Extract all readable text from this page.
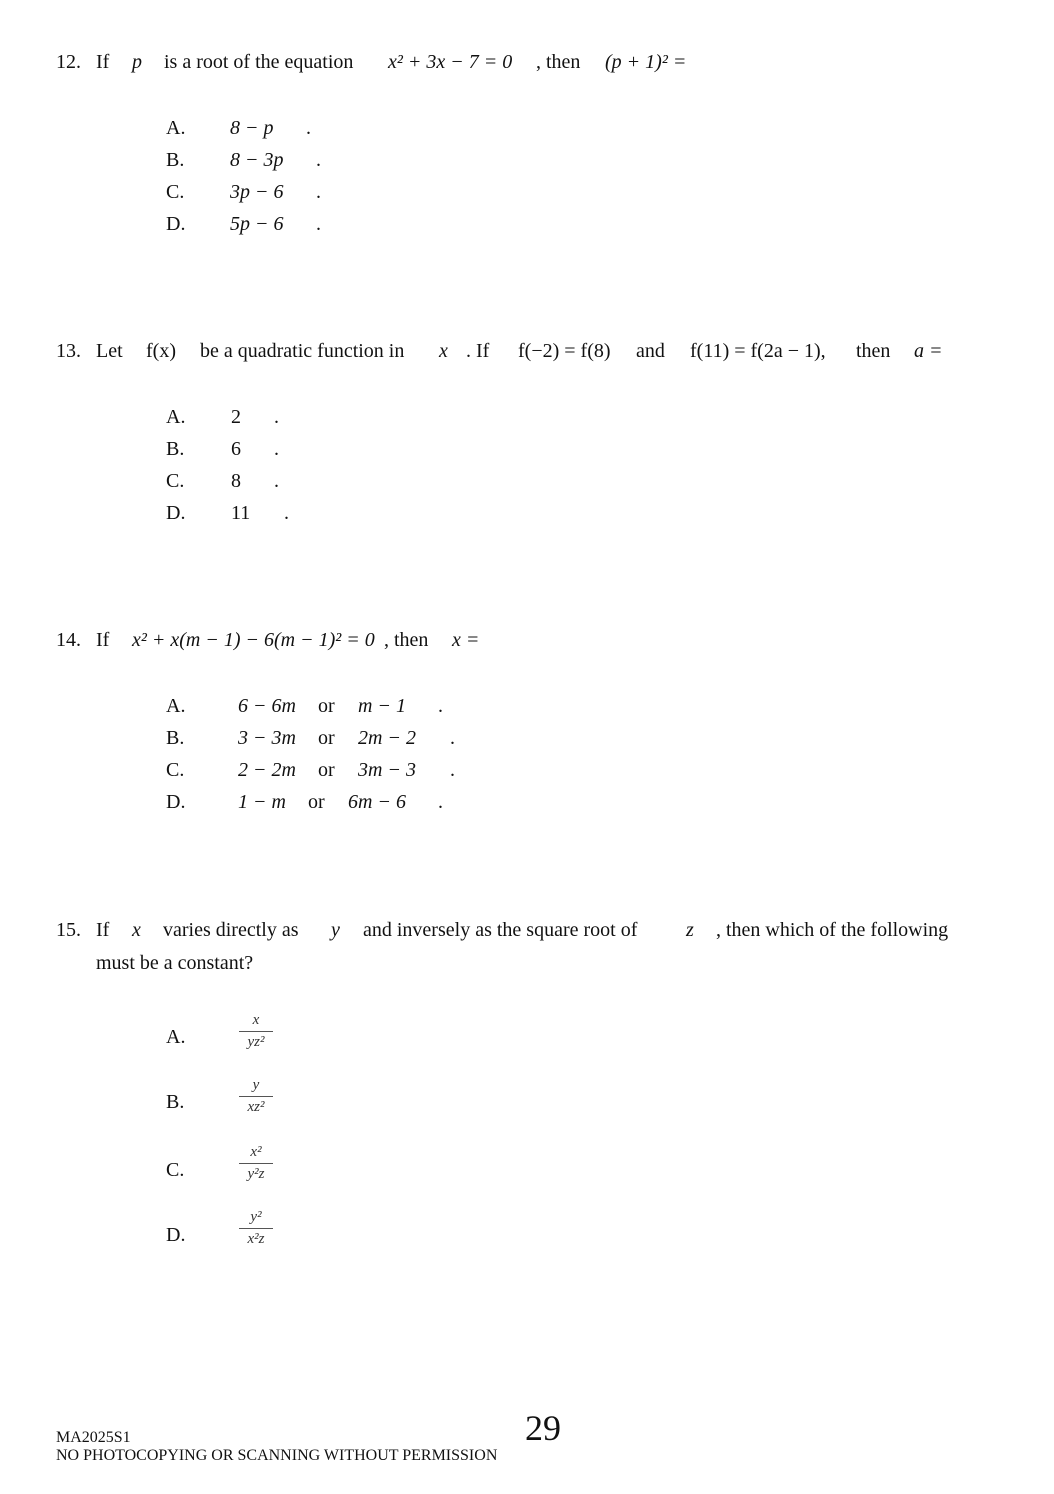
12. If p is a root of the equation x² + 3x − 7 = 0 , then (p + 1)² =
A. 8 − p .
B. 8 − 3p .
C. 3p − 6 .
D. 5p − 6 .
13. Let f(x) be a quadratic function in x . If f(−2) = f(8) and f(11) = f(2a − 1), then a =
A. 2 .
B. 6 .
C. 8 .
D. 11 .
14. If x² + x(m − 1) − 6(m − 1)² = 0 , then x =
A.	6 − 6m or m − 1 .
B.	3 − 3m or 2m − 2 .
C.	2 − 2m or 3m − 3 .
D.	1 − m or 6m − 6 .
15. If x varies directly as y and inversely as the square root of z , then which of the following
must be a constant?
A.
x
yz²
B.
y
xz²
C.
x²
y²z
D.
y²
x²z
29
MA2025S1
NO PHOTOCOPYING OR SCANNING WITHOUT PERMISSION
